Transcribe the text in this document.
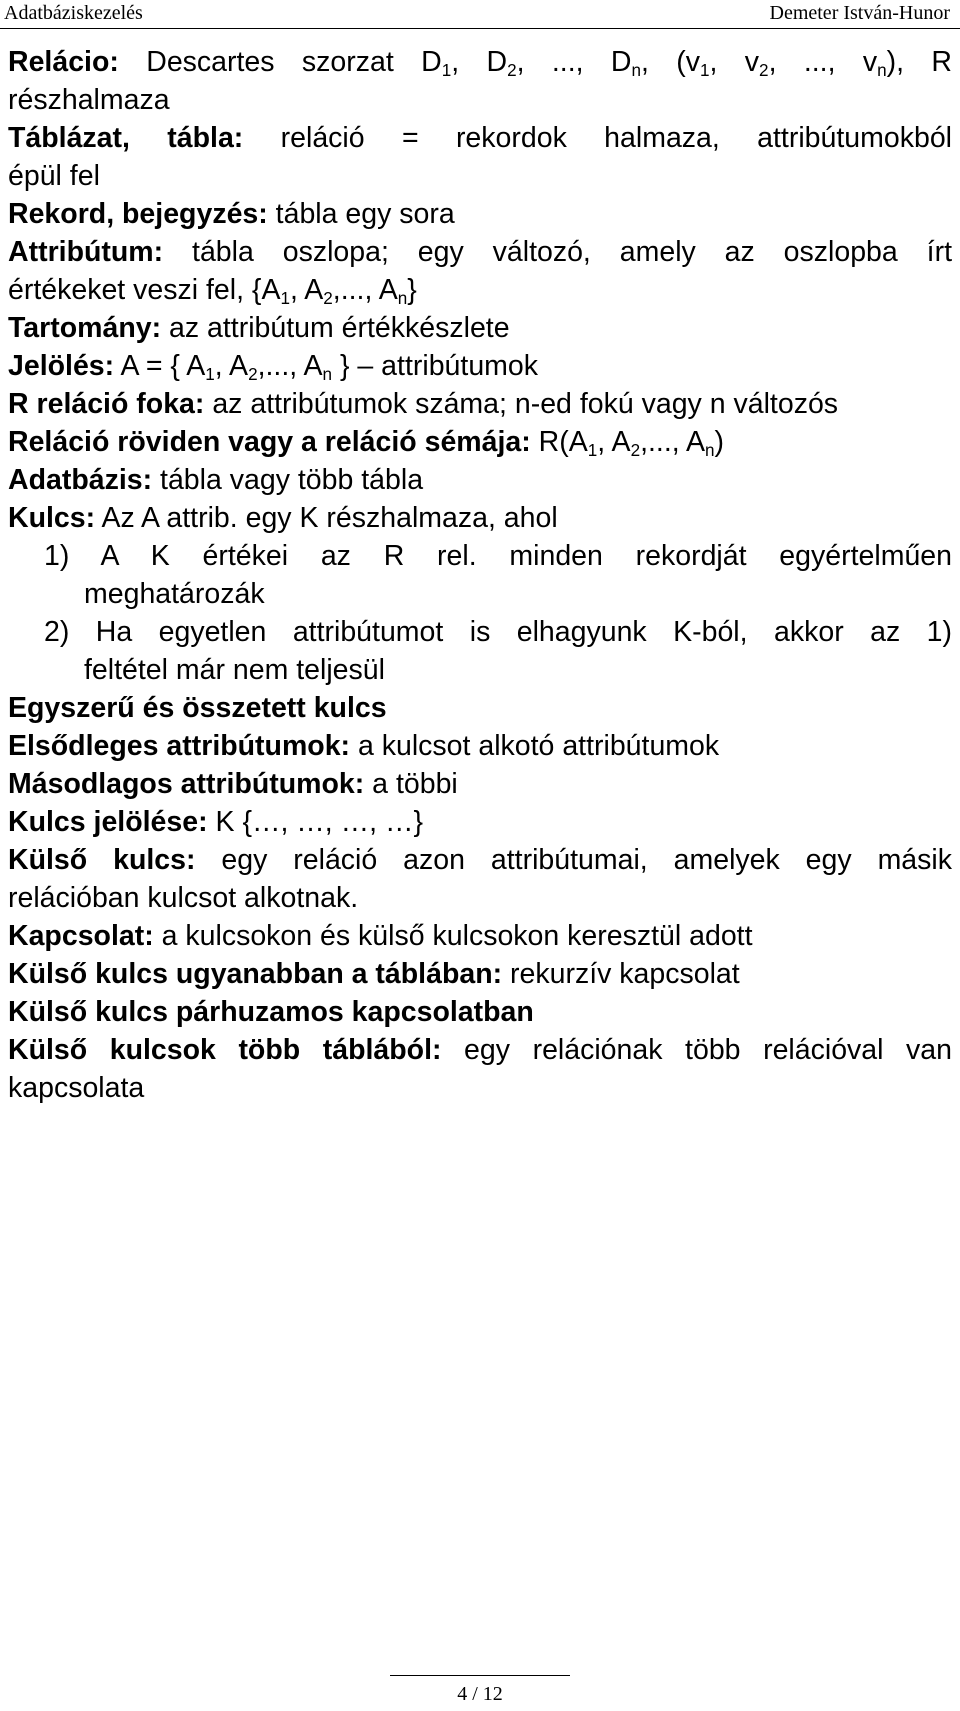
Adatbáziskezelés	Demeter István-Hunor
Relácio: Descartes szorzat $D_1$, $D_2$, ..., $D_n$, ($v_1$, $v_2$, ..., $v_n$), R
részhalmaza
Táblázat, tábla: reláció = rekordok halmaza, attribútumokból
épül fel
Rekord, bejegyzés: tábla egy sora
Attribútum: tábla oszlopa; egy változó, amely az oszlopba írt
értékeket veszi fel, {$A_1$, $A_2$,..., $A_n$}
Tartomány: az attribútum értékkészlete
Jelölés: A = { $A_1$, $A_2$,..., $A_n$ } – attribútumok
R reláció foka: az attribútumok száma; n-ed fokú vagy n változós
Reláció röviden vagy a reláció sémája: $R(A_1$, $A_2$,..., $A_n$)
Adatbázis: tábla vagy több tábla
Kulcs: Az A attrib. egy K részhalmaza, ahol
1) A K értékei az R rel. minden rekordját egyértelműen
meghatározák
2) Ha egyetlen attribútumot is elhagyunk K-ból, akkor az 1)
feltétel már nem teljesül
Egyszerű és összetett kulcs
Elsődleges attribútumok: a kulcsot alkotó attribútumok
Másodlagos attribútumok: a többi
Kulcs jelölése: K {…, …, …, …}
Külső kulcs: egy reláció azon attribútumai, amelyek egy másik
relációban kulcsot alkotnak.
Kapcsolat: a kulcsokon és külső kulcsokon keresztül adott
Külső kulcs ugyanabban a táblában: rekurzív kapcsolat
Külső kulcs párhuzamos kapcsolatban
Külső kulcsok több táblából: egy relációnak több relációval van
kapcsolata
4 / 12
